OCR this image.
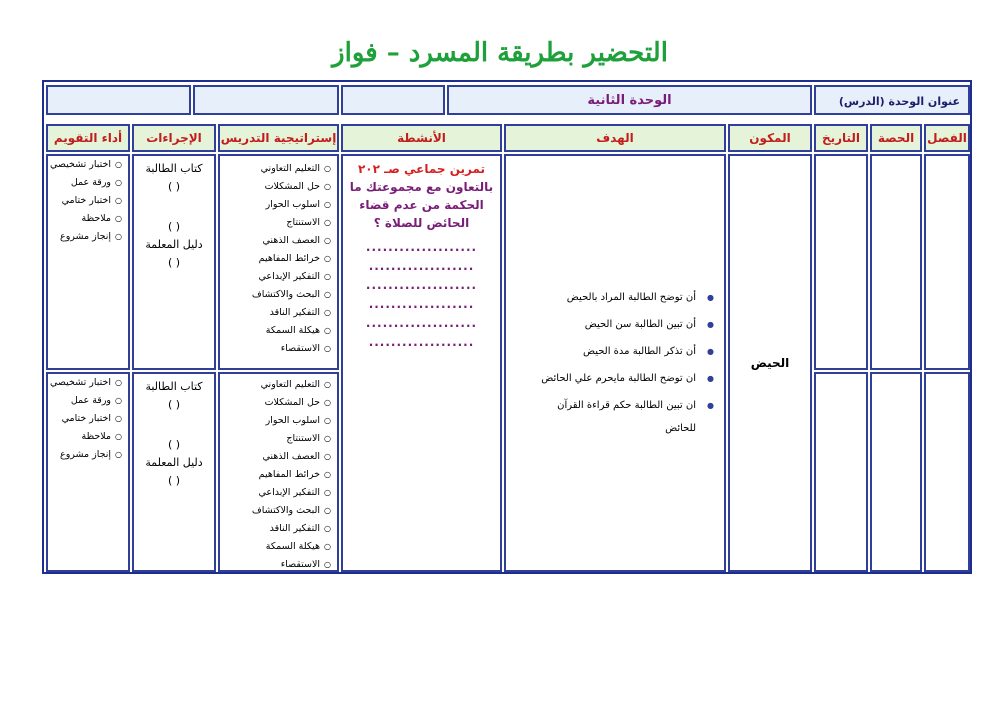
التحضير بطريقة المسرد – فواز
عنوان الوحدة (الدرس)
الوحدة الثانية
الفصل
الحصة
التاريخ
المكون
الهدف
الأنشطة
إستراتيجية التدريس
الإجراءات
أداء التقويم
الحيض
● أن توضح الطالبة المراد بالحيض
● أن تبين الطالبة سن الحيض
● أن تذكر الطالبة مدة الحيض
● ان توضح الطالبة مايحرم علي الحائض
● ان تبين الطالبة حكم قراءة القرآن
للحائض
تمرين جماعي صـ ٢٠٢
بالتعاون مع مجموعتك ما
الحكمة من عدم قضاء
الحائض للصلاة ؟
....................
...................
....................
...................
....................
...................
○ التعليم التعاوني
○ حل المشكلات
○ اسلوب الحوار
○ الاستنتاج
○ العصف الذهني
○ خرائط المفاهيم
○ التفكير الإبداعي
○ البحث والاكتشاف
○ التفكير الناقد
○ هيكلة السمكة
○ الاستقصاء
○ التعليم التعاوني
○ حل المشكلات
○ اسلوب الحوار
○ الاستنتاج
○ العصف الذهني
○ خرائط المفاهيم
○ التفكير الإبداعي
○ البحث والاكتشاف
○ التفكير الناقد
○ هيكلة السمكة
○ الاستقصاء
كتاب الطالبة
( )
( )
دليل المعلمة
( )
كتاب الطالبة
( )
( )
دليل المعلمة
( )
○ اختبار تشخيصي
○ ورقة عمل
○ اختبار ختامي
○ ملاحظة
○ إنجاز مشروع
○ اختبار تشخيصي
○ ورقة عمل
○ اختبار ختامي
○ ملاحظة
○ إنجاز مشروع
